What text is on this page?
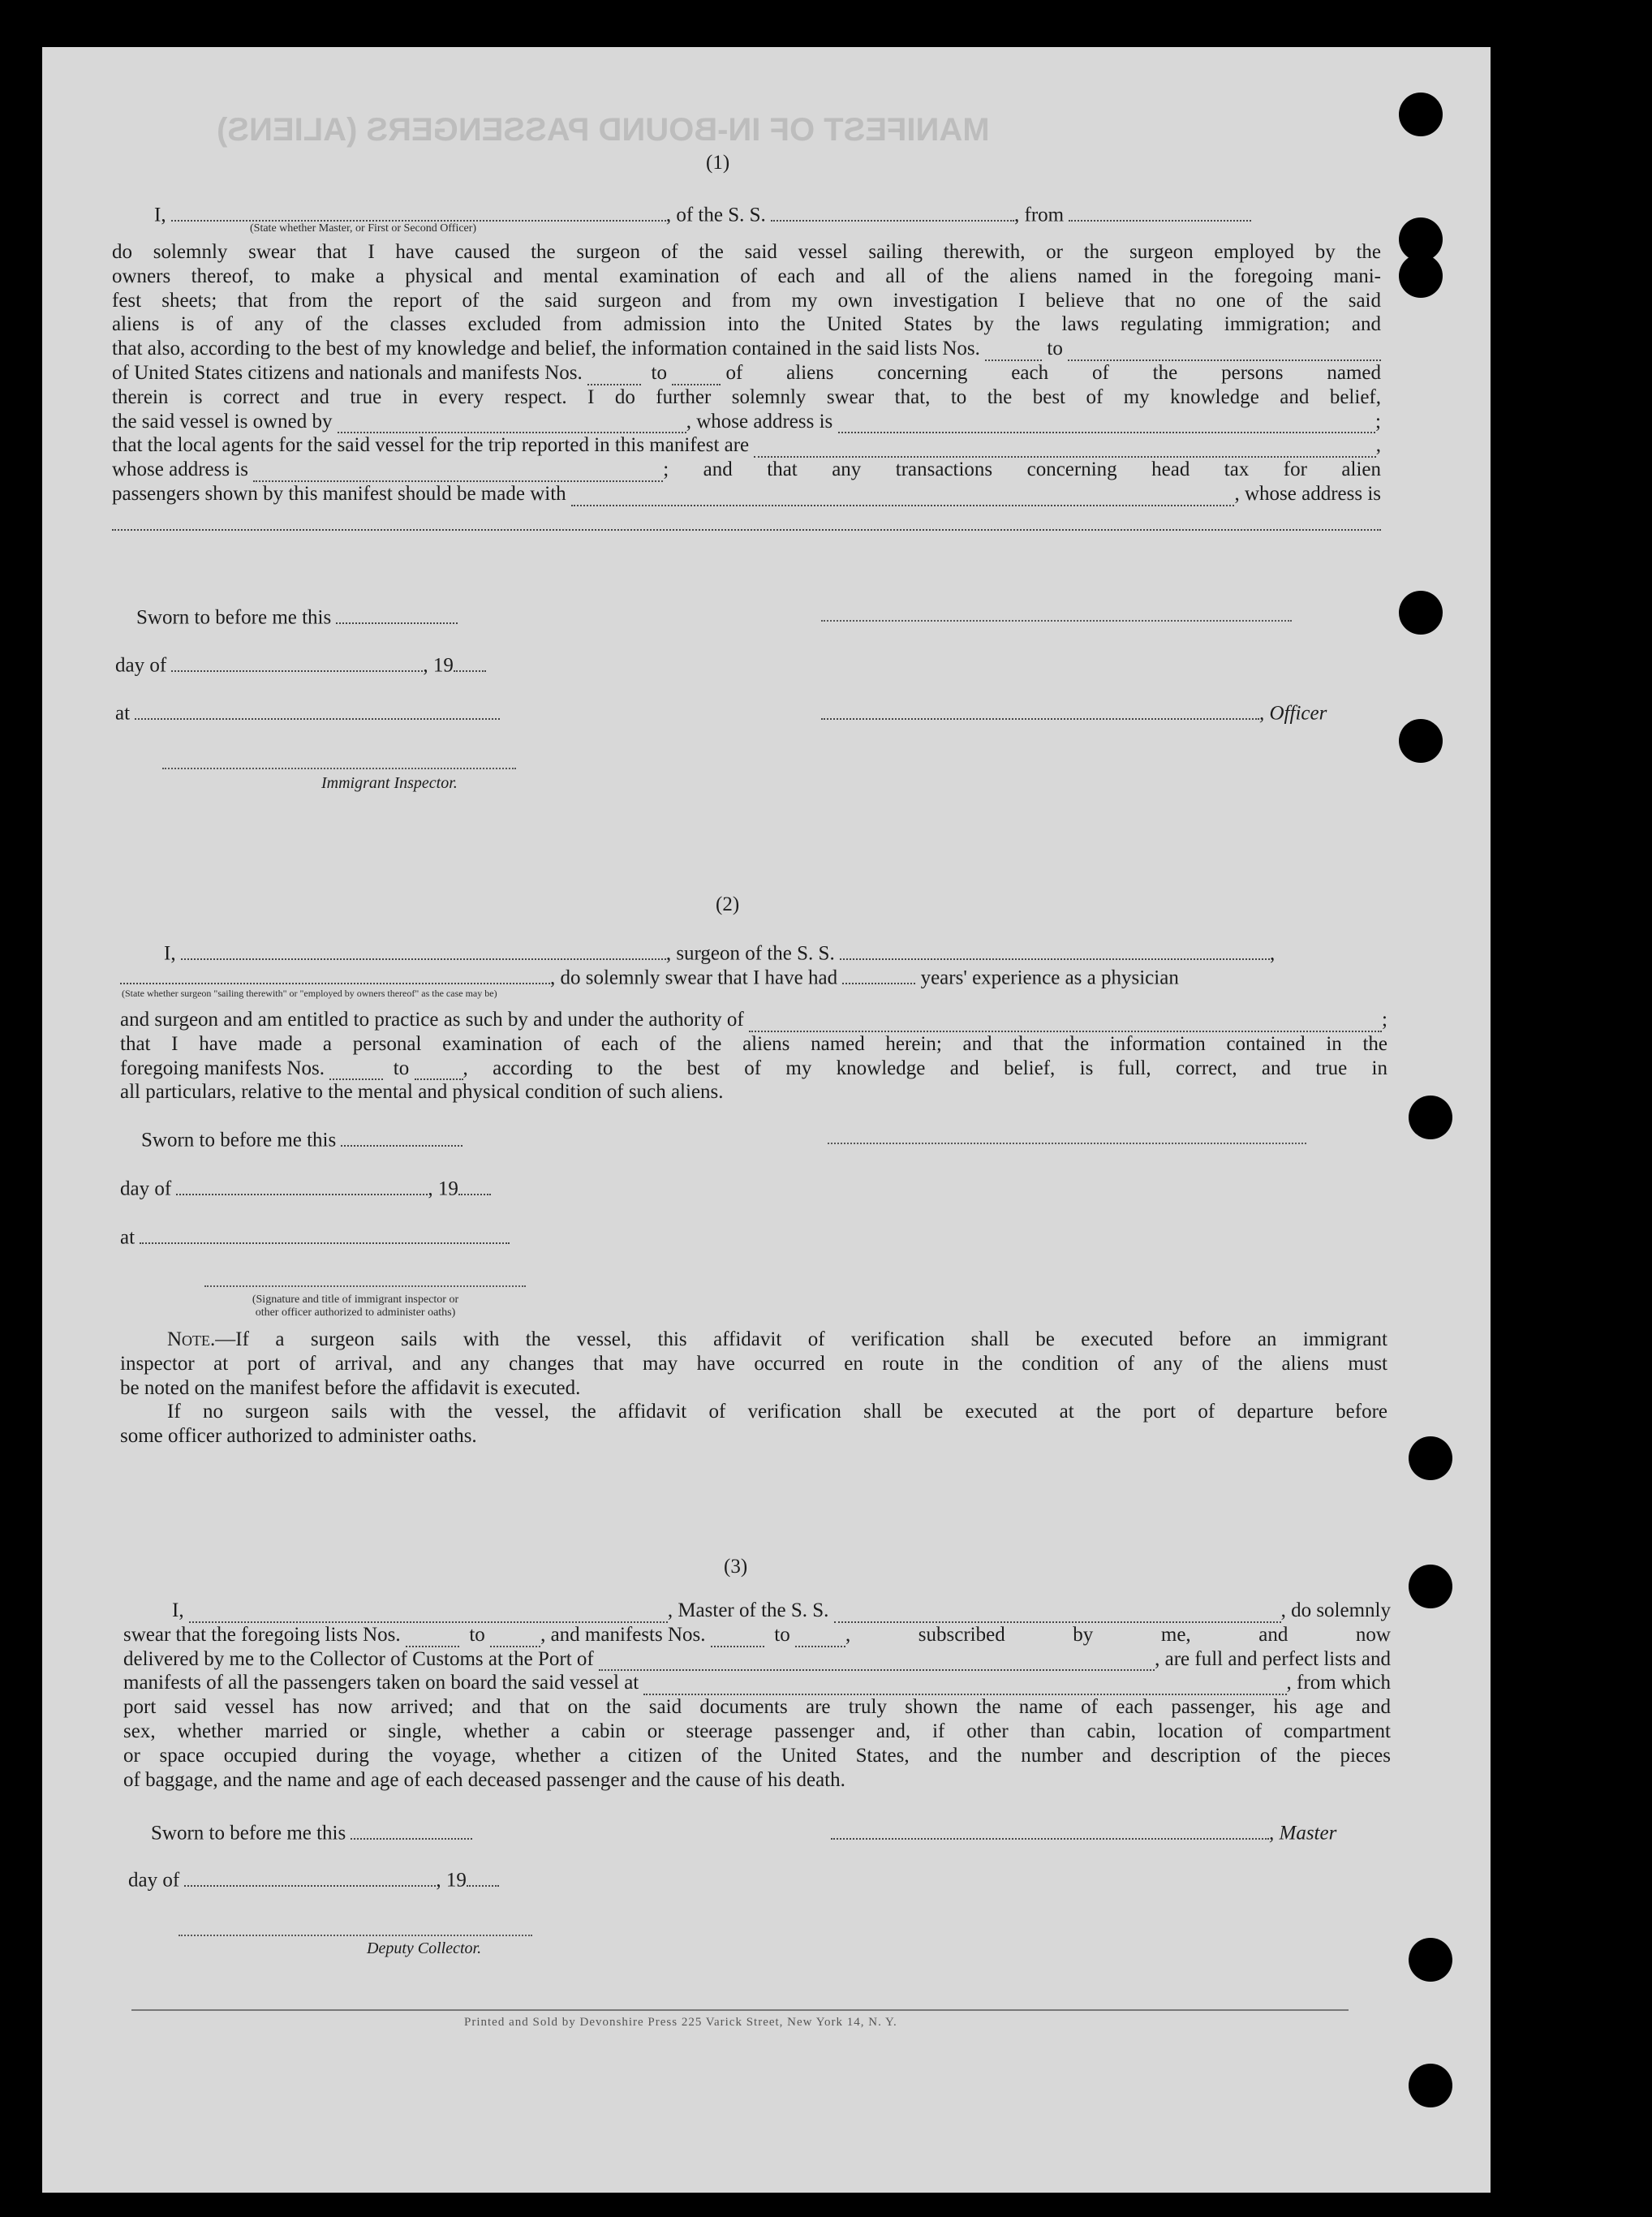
MANIFEST OF IN-BOUND PASSENGERS (ALIENS)
(1)
I,	, of the S. S.	, from
(State whether Master, or First or Second Officer)
do solemnly swear that I have caused the surgeon of the said vessel sailing therewith, or the surgeon employed by the
owners thereof, to make a physical and mental examination of each and all of the aliens named in the foregoing mani-
fest sheets; that from the report of the said surgeon and from my own investigation I believe that no one of the said
aliens is of any of the classes excluded from admission into the United States by the laws regulating immigration; and
that also, according to the best of my knowledge and belief, the information contained in the said lists Nos.

	to

of United States citizens and nationals and manifests Nos.

	to

	of aliens concerning each of the persons named
therein is correct and true in every respect. I do further solemnly swear that, to the best of my knowledge and belief,
the said vessel is owned by
	, whose address is
	;
that the local agents for the said vessel for the trip reported in this manifest are
	,
whose address is
	; and that any transactions concerning head tax for alien
passengers shown by this manifest should be made with
	, whose address is
Sworn to before me this
day of	, 19
at	, Officer
Immigrant Inspector.
(2)
I,	, surgeon of the S. S.	,
, do solemnly swear that I have had	years' experience as a physician
(State whether surgeon "sailing therewith" or "employed by owners thereof" as the case may be)
and surgeon and am entitled to practice as such by and under the authority of
	;
that I have made a personal examination of each of the aliens named herein; and that the information contained in the
foregoing manifests Nos.

	to
	, according to the best of my knowledge and belief, is full, correct, and true in
all particulars, relative to the mental and physical condition of such aliens.
Sworn to before me this
day of	, 19
at
(Signature and title of immigrant inspector or
other officer authorized to administer oaths)
Note.—If a surgeon sails with the vessel, this affidavit of verification shall be executed before an immigrant
inspector at port of arrival, and any changes that may have occurred en route in the condition of any of the aliens must
be noted on the manifest before the affidavit is executed.
If no surgeon sails with the vessel, the affidavit of verification shall be executed at the port of departure before
some officer authorized to administer oaths.
(3)
I,
	, Master of the S. S.
	, do solemnly
swear that the foregoing lists Nos.

	to
	, and manifests Nos.

	to
	, subscribed by me, and now
delivered by me to the Collector of Customs at the Port of
	, are full and perfect lists and
manifests of all the passengers taken on board the said vessel at
	, from which
port said vessel has now arrived; and that on the said documents are truly shown the name of each passenger, his age and
sex, whether married or single, whether a cabin or steerage passenger and, if other than cabin, location of compartment
or space occupied during the voyage, whether a citizen of the United States, and the number and description of the pieces
of baggage, and the name and age of each deceased passenger and the cause of his death.
Sworn to before me this	, Master
day of	, 19
Deputy Collector.
Printed and Sold by Devonshire Press 225 Varick Street, New York 14, N. Y.
